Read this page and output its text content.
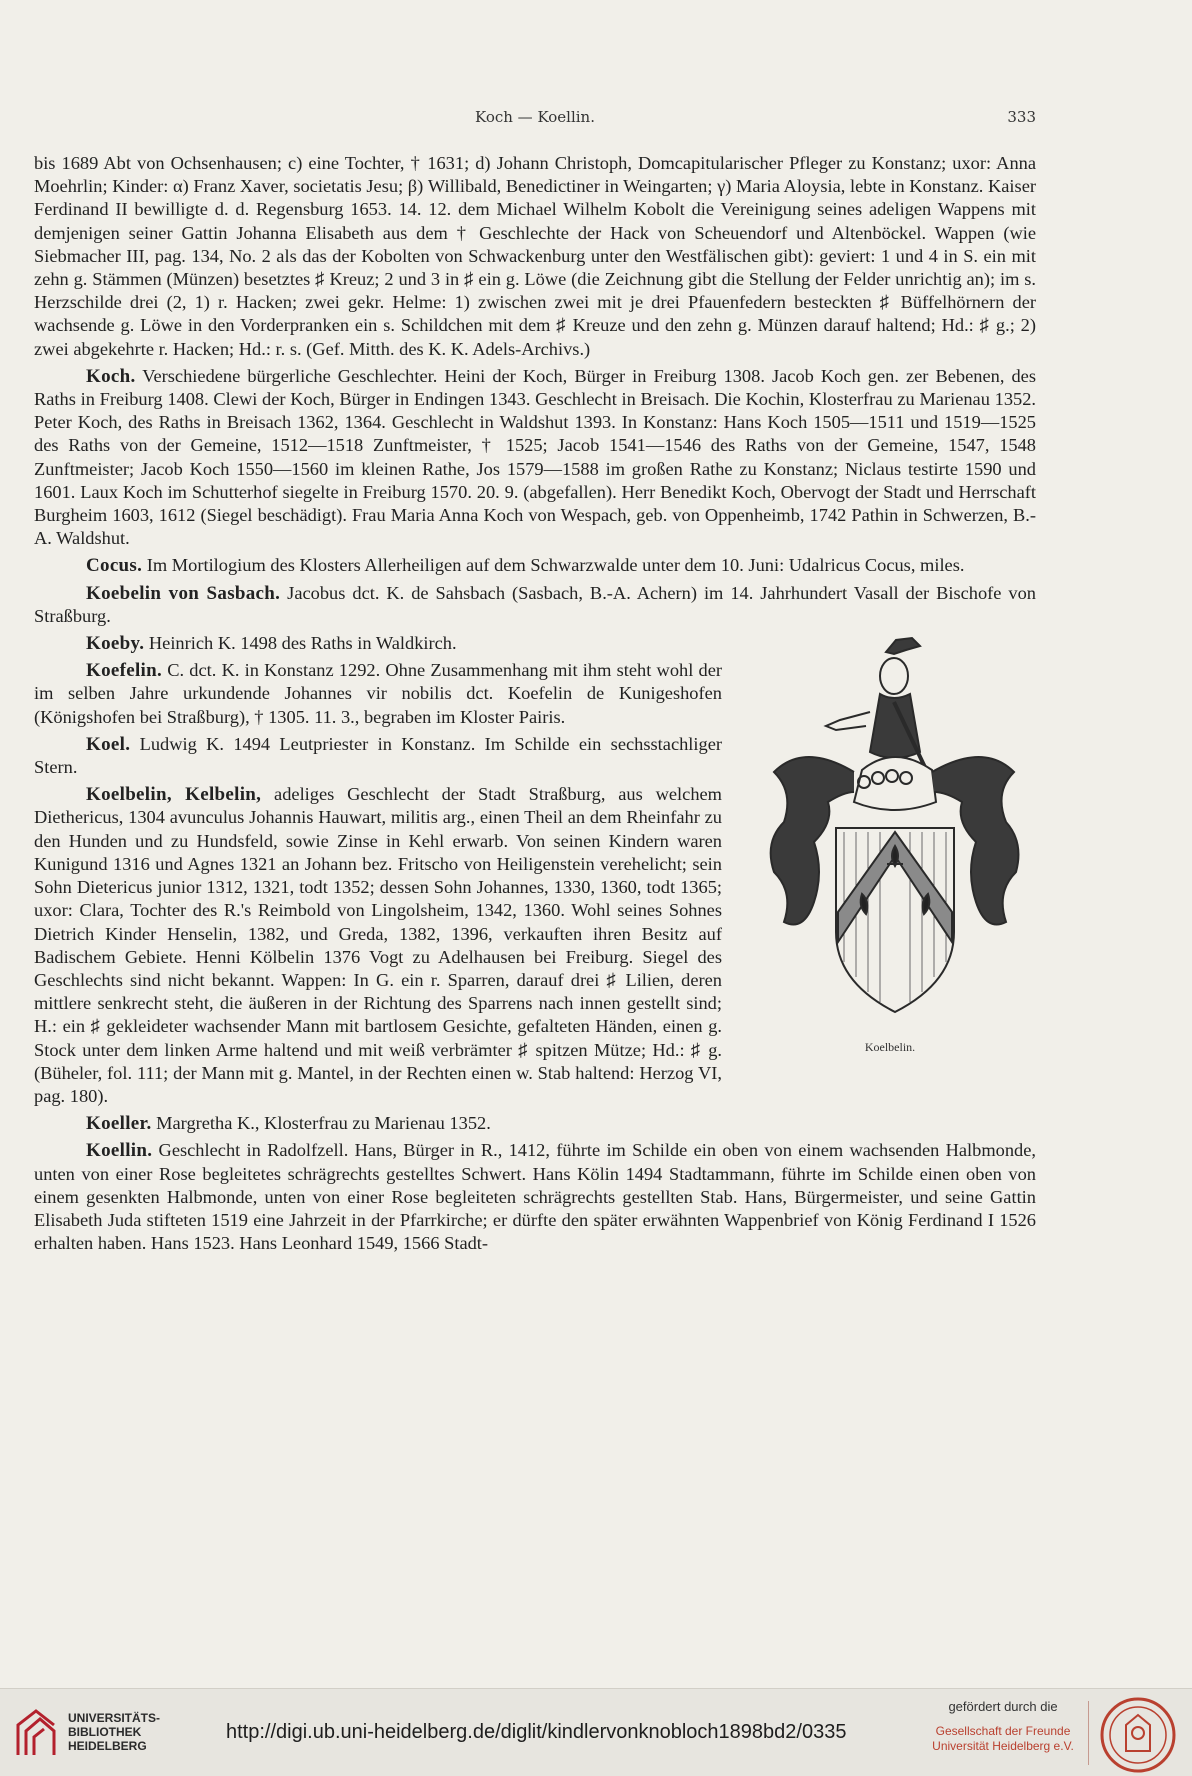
Koch — Koellin.	333

bis 1689 Abt von Ochsenhausen; c) eine Tochter, † 1631; d) Johann Christoph, Domcapitularischer Pfleger zu Konstanz; uxor: Anna Moehrlin; Kinder: α) Franz Xaver, societatis Jesu; β) Willibald, Benedictiner in Weingarten; γ) Maria Aloysia, lebte in Konstanz. Kaiser Ferdinand II bewilligte d. d. Regensburg 1653. 14. 12. dem Michael Wilhelm Kobolt die Vereinigung seines adeligen Wappens mit demjenigen seiner Gattin Johanna Elisabeth aus dem † Geschlechte der Hack von Scheuendorf und Altenböckel. Wappen (wie Siebmacher III, pag. 134, No. 2 als das der Kobolten von Schwackenburg unter den Westfälischen gibt): geviert: 1 und 4 in S. ein mit zehn g. Stämmen (Münzen) besetztes ♯ Kreuz; 2 und 3 in ♯ ein g. Löwe (die Zeichnung gibt die Stellung der Felder unrichtig an); im s. Herzschilde drei (2, 1) r. Hacken; zwei gekr. Helme: 1) zwischen zwei mit je drei Pfauenfedern besteckten ♯ Büffelhörnern der wachsende g. Löwe in den Vorderpranken ein s. Schildchen mit dem ♯ Kreuze und den zehn g. Münzen darauf haltend; Hd.: ♯ g.; 2) zwei abgekehrte r. Hacken; Hd.: r. s. (Gef. Mitth. des K. K. Adels-Archivs.)

Koch. Verschiedene bürgerliche Geschlechter. Heini der Koch, Bürger in Freiburg 1308. Jacob Koch gen. zer Bebenen, des Raths in Freiburg 1408. Clewi der Koch, Bürger in Endingen 1343. Geschlecht in Breisach. Die Kochin, Klosterfrau zu Marienau 1352. Peter Koch, des Raths in Breisach 1362, 1364. Geschlecht in Waldshut 1393. In Konstanz: Hans Koch 1505—1511 und 1519—1525 des Raths von der Gemeine, 1512—1518 Zunftmeister, † 1525; Jacob 1541—1546 des Raths von der Gemeine, 1547, 1548 Zunftmeister; Jacob Koch 1550—1560 im kleinen Rathe, Jos 1579—1588 im großen Rathe zu Konstanz; Niclaus testirte 1590 und 1601. Laux Koch im Schutterhof siegelte in Freiburg 1570. 20. 9. (abgefallen). Herr Benedikt Koch, Obervogt der Stadt und Herrschaft Burgheim 1603, 1612 (Siegel beschädigt). Frau Maria Anna Koch von Wespach, geb. von Oppenheimb, 1742 Pathin in Schwerzen, B.-A. Waldshut.

Cocus. Im Mortilogium des Klosters Allerheiligen auf dem Schwarzwalde unter dem 10. Juni: Udalricus Cocus, miles.

Koebelin von Sasbach. Jacobus dct. K. de Sahsbach (Sasbach, B.-A. Achern) im 14. Jahrhundert Vasall der Bischofe von Straßburg.

Koelbelin.

Koeby. Heinrich K. 1498 des Raths in Waldkirch.

Koefelin. C. dct. K. in Konstanz 1292. Ohne Zusammenhang mit ihm steht wohl der im selben Jahre urkundende Johannes vir nobilis dct. Koefelin de Kunigeshofen (Königshofen bei Straßburg), † 1305. 11. 3., begraben im Kloster Pairis.

Koel. Ludwig K. 1494 Leutpriester in Konstanz. Im Schilde ein sechsstachliger Stern.

Koelbelin, Kelbelin, adeliges Geschlecht der Stadt Straßburg, aus welchem Diethericus, 1304 avunculus Johannis Hauwart, militis arg., einen Theil an dem Rheinfahr zu den Hunden und zu Hundsfeld, sowie Zinse in Kehl erwarb. Von seinen Kindern waren Kunigund 1316 und Agnes 1321 an Johann bez. Fritscho von Heiligenstein verehelicht; sein Sohn Dietericus junior 1312, 1321, todt 1352; dessen Sohn Johannes, 1330, 1360, todt 1365; uxor: Clara, Tochter des R.'s Reimbold von Lingolsheim, 1342, 1360. Wohl seines Sohnes Dietrich Kinder Henselin, 1382, und Greda, 1382, 1396, verkauften ihren Besitz auf Badischem Gebiete. Henni Kölbelin 1376 Vogt zu Adelhausen bei Freiburg. Siegel des Geschlechts sind nicht bekannt. Wappen: In G. ein r. Sparren, darauf drei ♯ Lilien, deren mittlere senkrecht steht, die äußeren in der Richtung des Sparrens nach innen gestellt sind; H.: ein ♯ gekleideter wachsender Mann mit bartlosem Gesichte, gefalteten Händen, einen g. Stock unter dem linken Arme haltend und mit weiß verbrämter ♯ spitzen Mütze; Hd.: ♯ g. (Büheler, fol. 111; der Mann mit g. Mantel, in der Rechten einen w. Stab haltend: Herzog VI, pag. 180).

Koeller. Margretha K., Klosterfrau zu Marienau 1352.

Koellin. Geschlecht in Radolfzell. Hans, Bürger in R., 1412, führte im Schilde ein oben von einem wachsenden Halbmonde, unten von einer Rose begleitetes schrägrechts gestelltes Schwert. Hans Kölin 1494 Stadtammann, führte im Schilde einen oben von einem gesenkten Halbmonde, unten von einer Rose begleiteten schrägrechts gestellten Stab. Hans, Bürgermeister, und seine Gattin Elisabeth Juda stifteten 1519 eine Jahrzeit in der Pfarrkirche; er dürfte den später erwähnten Wappenbrief von König Ferdinand I 1526 erhalten haben. Hans 1523. Hans Leonhard 1549, 1566 Stadt-

UNIVERSITÄTS-
BIBLIOTHEK
HEIDELBERG
http://digi.ub.uni-heidelberg.de/diglit/kindlervonknobloch1898bd2/0335
gefördert durch die
Gesellschaft der Freunde
Universität Heidelberg e.V.
